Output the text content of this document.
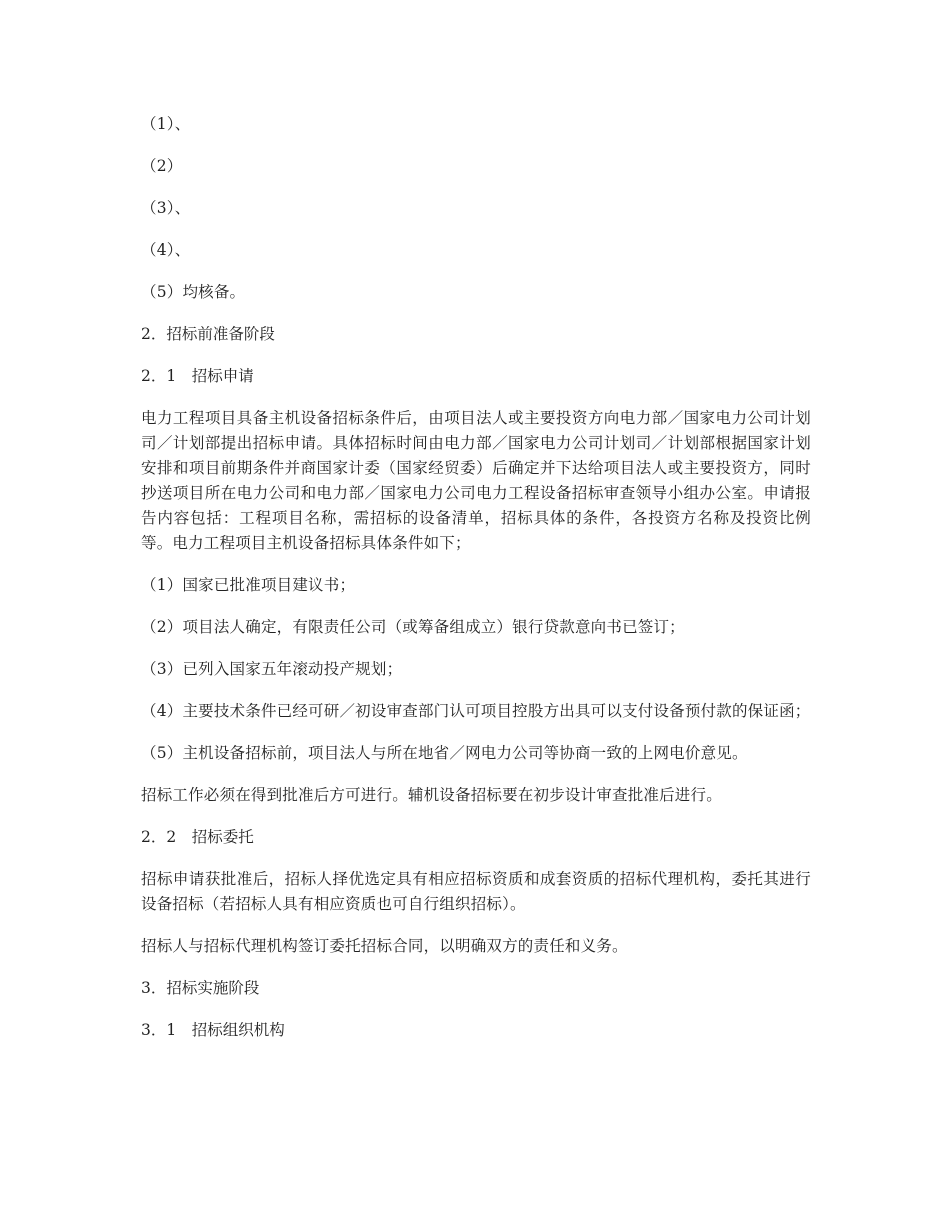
（1）、

（2）

（3）、

（4）、

（5）均核备。

2．招标前准备阶段

2．1　招标申请

电力工程项目具备主机设备招标条件后，由项目法人或主要投资方向电力部／国家电力公司计划司／计划部提出招标申请。具体招标时间由电力部／国家电力公司计划司／计划部根据国家计划安排和项目前期条件并商国家计委（国家经贸委）后确定并下达给项目法人或主要投资方，同时抄送项目所在电力公司和电力部／国家电力公司电力工程设备招标审查领导小组办公室。申请报告内容包括：工程项目名称，需招标的设备清单，招标具体的条件，各投资方名称及投资比例等。电力工程项目主机设备招标具体条件如下；

（1）国家已批准项目建议书；

（2）项目法人确定，有限责任公司（或筹备组成立）银行贷款意向书已签订；

（3）已列入国家五年滚动投产规划；

（4）主要技术条件已经可研／初设审查部门认可项目控股方出具可以支付设备预付款的保证函；

（5）主机设备招标前，项目法人与所在地省／网电力公司等协商一致的上网电价意见。

招标工作必须在得到批准后方可进行。辅机设备招标要在初步设计审查批准后进行。

2．2　招标委托

招标申请获批准后，招标人择优选定具有相应招标资质和成套资质的招标代理机构，委托其进行设备招标（若招标人具有相应资质也可自行组织招标）。

招标人与招标代理机构签订委托招标合同，以明确双方的责任和义务。

3．招标实施阶段

3．1　招标组织机构
